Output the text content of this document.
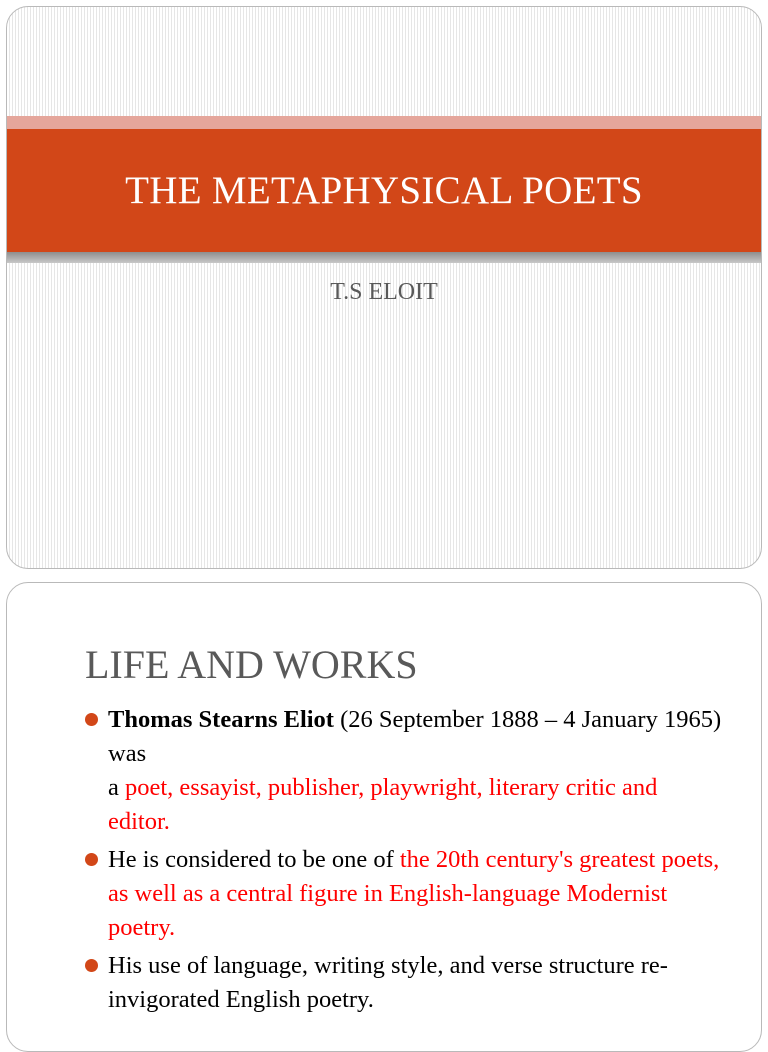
THE METAPHYSICAL POETS
T.S ELOIT
LIFE AND WORKS
Thomas Stearns Eliot (26 September 1888 – 4 January 1965) was
a poet, essayist, publisher, playwright, literary critic and editor.
He is considered to be one of the 20th century's greatest poets, as well as a central figure in English-language Modernist poetry.
His use of language, writing style, and verse structure re-invigorated English poetry.
